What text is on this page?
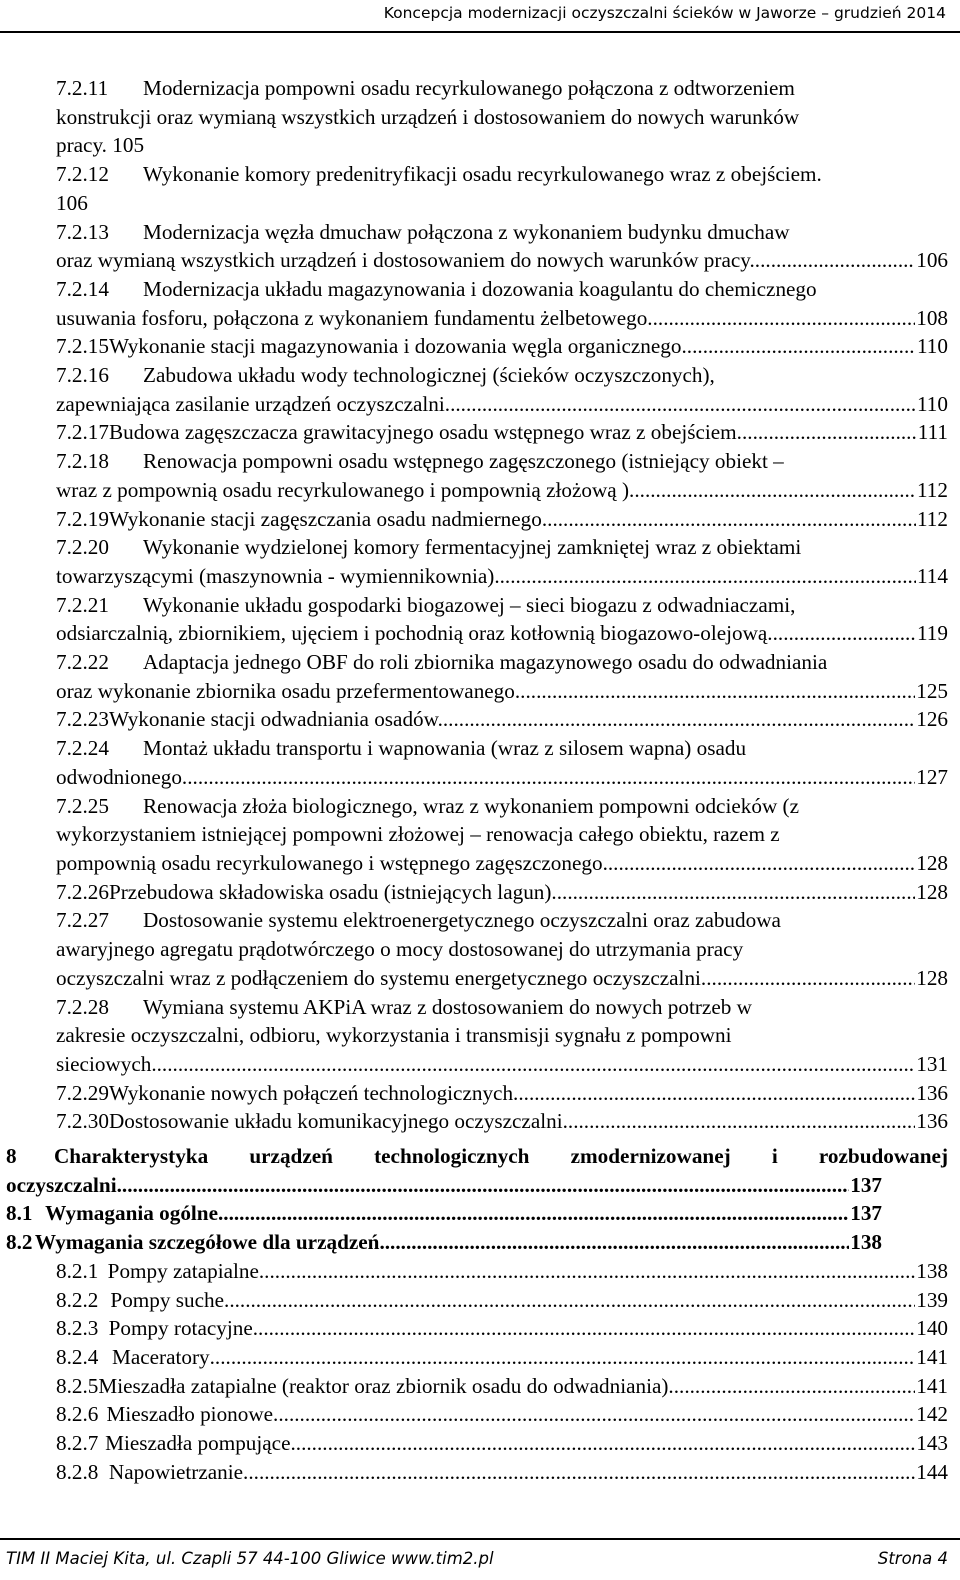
Koncepcja modernizacji oczyszczalni ścieków w Jaworze – grudzień 2014
7.2.11 Modernizacja pompowni osadu recyrkulowanego połączona z odtworzeniem
konstrukcji oraz wymianą wszystkich urządzeń i dostosowaniem do nowych warunków
pracy. 105
7.2.12 Wykonanie komory predenitryfikacji osadu recyrkulowanego wraz z obejściem.
106
7.2.13 Modernizacja węzła dmuchaw połączona z wykonaniem budynku dmuchaw
oraz wymianą wszystkich urządzeń i dostosowaniem do nowych warunków pracy. .....	106
7.2.14 Modernizacja układu magazynowania i dozowania koagulantu do chemicznego
usuwania fosforu, połączona z wykonaniem fundamentu żelbetowego. .....	108
7.2.15 Wykonanie stacji magazynowania i dozowania węgla organicznego. .....	110
7.2.16 Zabudowa układu wody technologicznej (ścieków oczyszczonych),
zapewniająca zasilanie urządzeń oczyszczalni. .....	110
7.2.17 Budowa zagęszczacza grawitacyjnego osadu wstępnego wraz z obejściem. .....	111
7.2.18 Renowacja pompowni osadu wstępnego zagęszczonego (istniejący obiekt –
wraz z pompownią osadu recyrkulowanego i pompownią złożową ). .....	112
7.2.19 Wykonanie stacji zagęszczania osadu nadmiernego. .....	112
7.2.20 Wykonanie wydzielonej komory fermentacyjnej zamkniętej wraz z obiektami
towarzyszącymi (maszynownia - wymiennikownia). .....	114
7.2.21 Wykonanie układu gospodarki biogazowej – sieci biogazu z odwadniaczami,
odsiarczalnią, zbiornikiem, ujęciem i pochodnią oraz kotłownią biogazowo-olejową. .....	119
7.2.22 Adaptacja jednego OBF do roli zbiornika magazynowego osadu do odwadniania
oraz wykonanie zbiornika osadu przefermentowanego. .....	125
7.2.23 Wykonanie stacji odwadniania osadów. .....	126
7.2.24 Montaż układu transportu i wapnowania (wraz z silosem wapna) osadu
odwodnionego. .....	127
7.2.25 Renowacja złoża biologicznego, wraz z wykonaniem pompowni odcieków (z
wykorzystaniem istniejącej pompowni złożowej – renowacja całego obiektu, razem z
pompownią osadu recyrkulowanego i wstępnego zagęszczonego. .....	128
7.2.26 Przebudowa składowiska osadu (istniejących lagun). .....	128
7.2.27 Dostosowanie systemu elektroenergetycznego oczyszczalni oraz zabudowa
awaryjnego agregatu prądotwórczego o mocy dostosowanej do utrzymania pracy
oczyszczalni wraz z podłączeniem do systemu energetycznego oczyszczalni. .....	128
7.2.28 Wymiana systemu AKPiA wraz z dostosowaniem do nowych potrzeb w
zakresie oczyszczalni, odbioru, wykorzystania i transmisji sygnału z pompowni
sieciowych. .....	131
7.2.29 Wykonanie nowych połączeń technologicznych. .....	136
7.2.30 Dostosowanie układu komunikacyjnego oczyszczalni. .....	136
8 Charakterystyka urządzeń technologicznych zmodernizowanej i rozbudowanej
oczyszczalni .....	137
8.1 Wymagania ogólne .....	137
8.2 Wymagania szczegółowe dla urządzeń. .....	138
8.2.1 Pompy zatapialne. .....	138
8.2.2 Pompy suche. .....	139
8.2.3 Pompy rotacyjne .....	140
8.2.4 Maceratory .....	141
8.2.5 Mieszadła zatapialne (reaktor oraz zbiornik osadu do odwadniania). .....	141
8.2.6 Mieszadło pionowe. .....	142
8.2.7 Mieszadła pompujące. .....	143
8.2.8 Napowietrzanie. .....	144
TIM II Maciej Kita, ul. Czapli 57 44-100 Gliwice www.tim2.pl	Strona 4
